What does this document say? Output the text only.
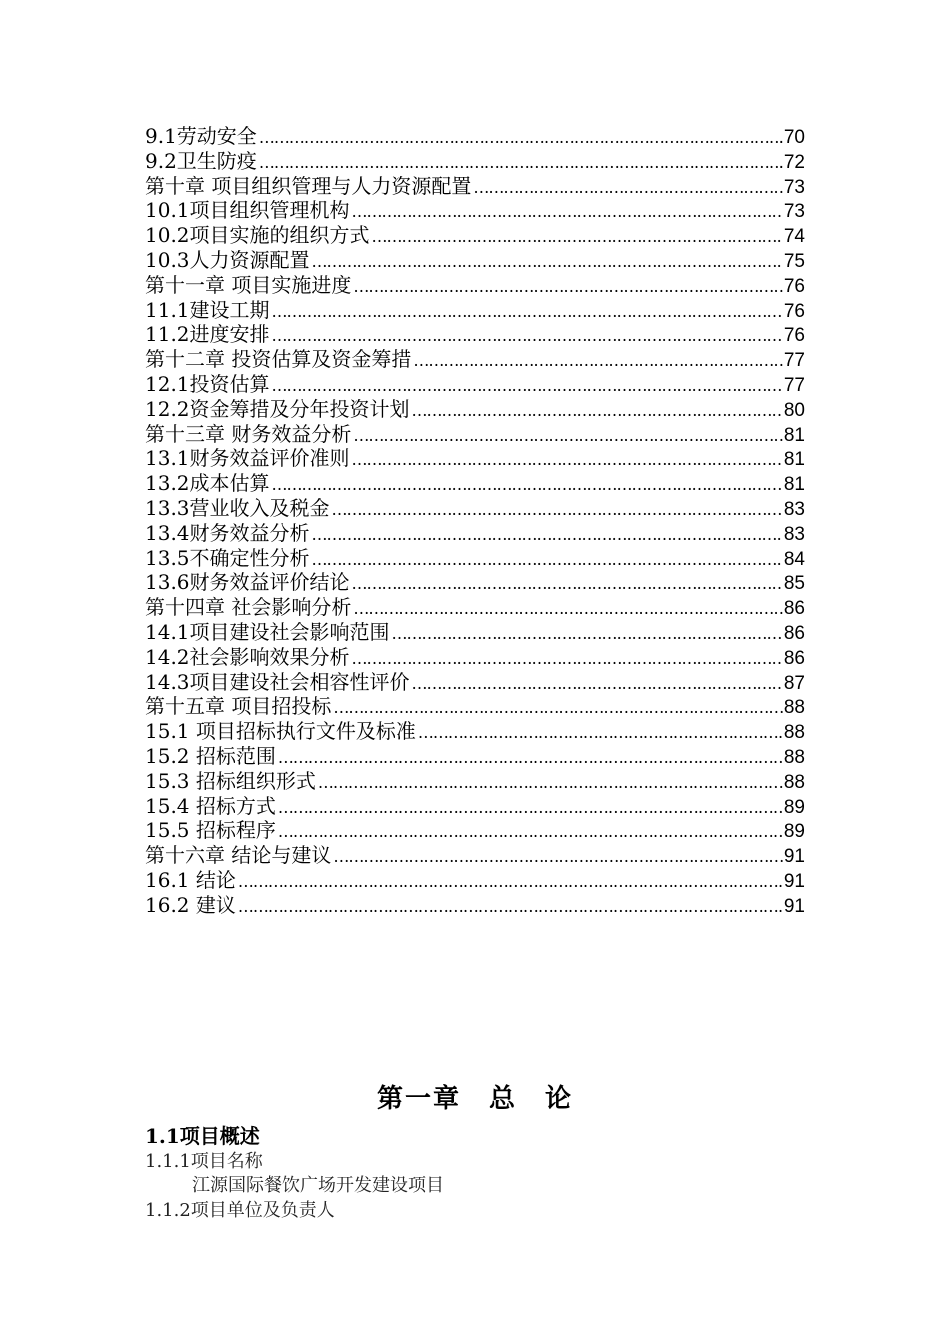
9.1劳动安全 ……………………………………………………………………………………………………………………………………	.70
9.2卫生防疫 ……………………………………………………………………………………………………………………………………	.72
第十章 项目组织管理与人力资源配置 ……………………………………………………………………………………………………………………………………	73
10.1项目组织管理机构 ……………………………………………………………………………………………………………………………………	73
10.2项目实施的组织方式 ……………………………………………………………………………………………………………………………………	74
10.3人力资源配置 ……………………………………………………………………………………………………………………………………	75
第十一章 项目实施进度 ……………………………………………………………………………………………………………………………………	76
11.1建设工期 ……………………………………………………………………………………………………………………………………	76
11.2进度安排 ……………………………………………………………………………………………………………………………………	76
第十二章 投资估算及资金筹措 ……………………………………………………………………………………………………………………………………	77
12.1投资估算 ……………………………………………………………………………………………………………………………………	77
12.2资金筹措及分年投资计划 ……………………………………………………………………………………………………………………………………	80
第十三章 财务效益分析 ……………………………………………………………………………………………………………………………………	81
13.1财务效益评价准则 ……………………………………………………………………………………………………………………………………	81
13.2成本估算 ……………………………………………………………………………………………………………………………………	81
13.3营业收入及税金 ……………………………………………………………………………………………………………………………………	83
13.4财务效益分析 ……………………………………………………………………………………………………………………………………	83
13.5不确定性分析 ……………………………………………………………………………………………………………………………………	84
13.6财务效益评价结论 ……………………………………………………………………………………………………………………………………	85
第十四章 社会影响分析 ……………………………………………………………………………………………………………………………………	86
14.1项目建设社会影响范围 ……………………………………………………………………………………………………………………………………	86
14.2社会影响效果分析 ……………………………………………………………………………………………………………………………………	86
14.3项目建设社会相容性评价 ……………………………………………………………………………………………………………………………………	87
第十五章 项目招投标 ……………………………………………………………………………………………………………………………………	88
15.1 项目招标执行文件及标准 ……………………………………………………………………………………………………………………………………	88
15.2 招标范围 ……………………………………………………………………………………………………………………………………	88
15.3 招标组织形式 ……………………………………………………………………………………………………………………………………	88
15.4 招标方式 ……………………………………………………………………………………………………………………………………	89
15.5 招标程序 ……………………………………………………………………………………………………………………………………	89
第十六章 结论与建议 ……………………………………………………………………………………………………………………………………	91
16.1 结论 ……………………………………………………………………………………………………………………………………	91
16.2 建议 ……………………………………………………………………………………………………………………………………	91
第一章　总　论
1.1项目概述
1.1.1项目名称
江源国际餐饮广场开发建设项目
1.1.2项目单位及负责人
